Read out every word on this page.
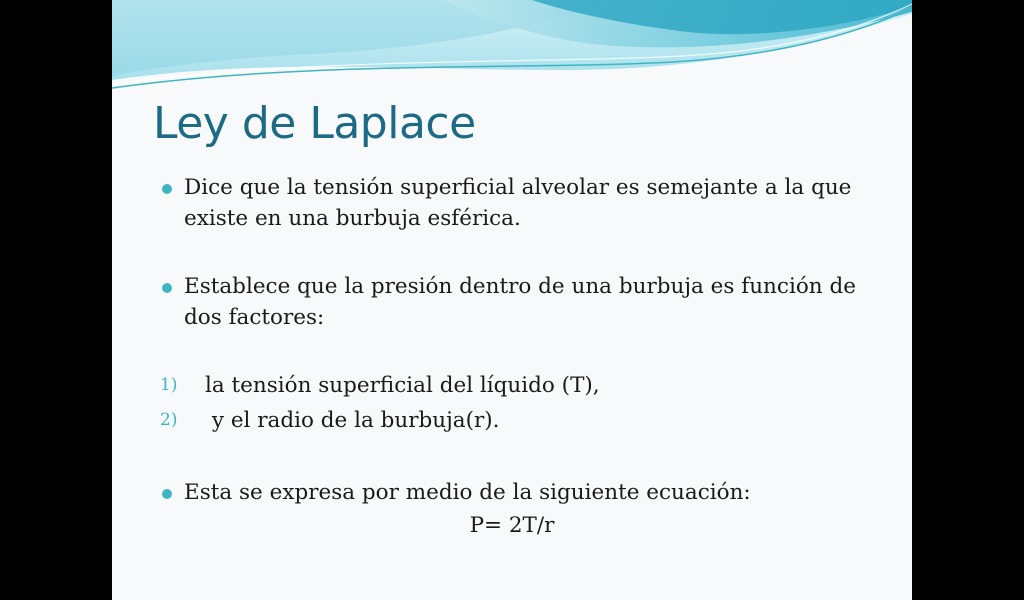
Ley de Laplace

Dice que la tensión superficial alveolar es semejante a la que existe en una burbuja esférica.

Establece que la presión dentro de una burbuja es función de dos factores:

1) la tensión superficial del líquido (T),
2) y el radio de la burbuja(r).

Esta se expresa por medio de la siguiente ecuación:

P= 2T/r
